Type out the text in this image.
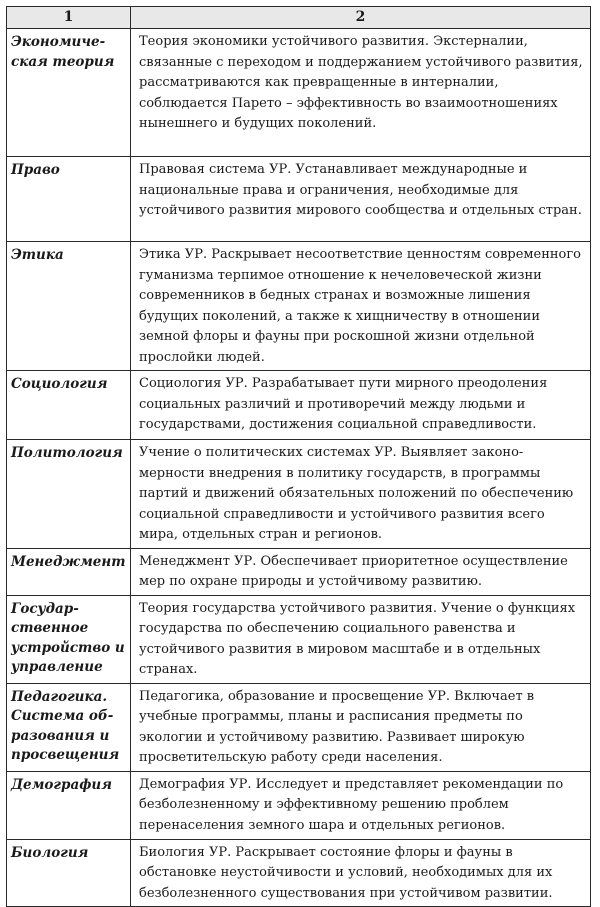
1	2
Экономическая теория	Теория экономики устойчивого развития. Экстерналии, связанные с переходом и поддержанием устойчивого развития, рассматриваются как превращенные в интерналии, соблюдается Парето – эффективность во взаимоотношениях нынешнего и будущих поколений.
Право	Правовая система УР. Устанавливает международные и национальные права и ограничения, необходимые для устойчивого развития мирового сообщества и отдельных стран.
Этика	Этика УР. Раскрывает несоответствие ценностям современного гуманизма терпимое отношение к нечеловеческой жизни современников в бедных странах и возможные лишения будущих поколений, а также к хищничеству в отношении земной флоры и фауны при роскошной жизни отдельной прослойки людей.
Социология	Социология УР. Разрабатывает пути мирного преодоления социальных различий и противоречий между людьми и государствами, достижения социальной справедливости.
Политология	Учение о политических системах УР. Выявляет закономерности внедрения в политику государств, в программы партий и движений обязательных положений по обеспечению социальной справедливости и устойчивого развития всего мира, отдельных стран и регионов.
Менеджмент	Менеджмент УР. Обеспечивает приоритетное осуществление мер по охране природы и устойчивому развитию.
Государственное устройство и управление	Теория государства устойчивого развития. Учение о функциях государства по обеспечению социального равенства и устойчивого развития в мировом масштабе и в отдельных странах.
Педагогика. Система образования и просвещения	Педагогика, образование и просвещение УР. Включает в учебные программы, планы и расписания предметы по экологии и устойчивому развитию. Развивает широкую просветительскую работу среди населения.
Демография	Демография УР. Исследует и представляет рекомендации по безболезненному и эффективному решению проблем перенаселения земного шара и отдельных регионов.
Биология	Биология УР. Раскрывает состояние флоры и фауны в обстановке неустойчивости и условий, необходимых для их безболезненного существования при устойчивом развитии.
